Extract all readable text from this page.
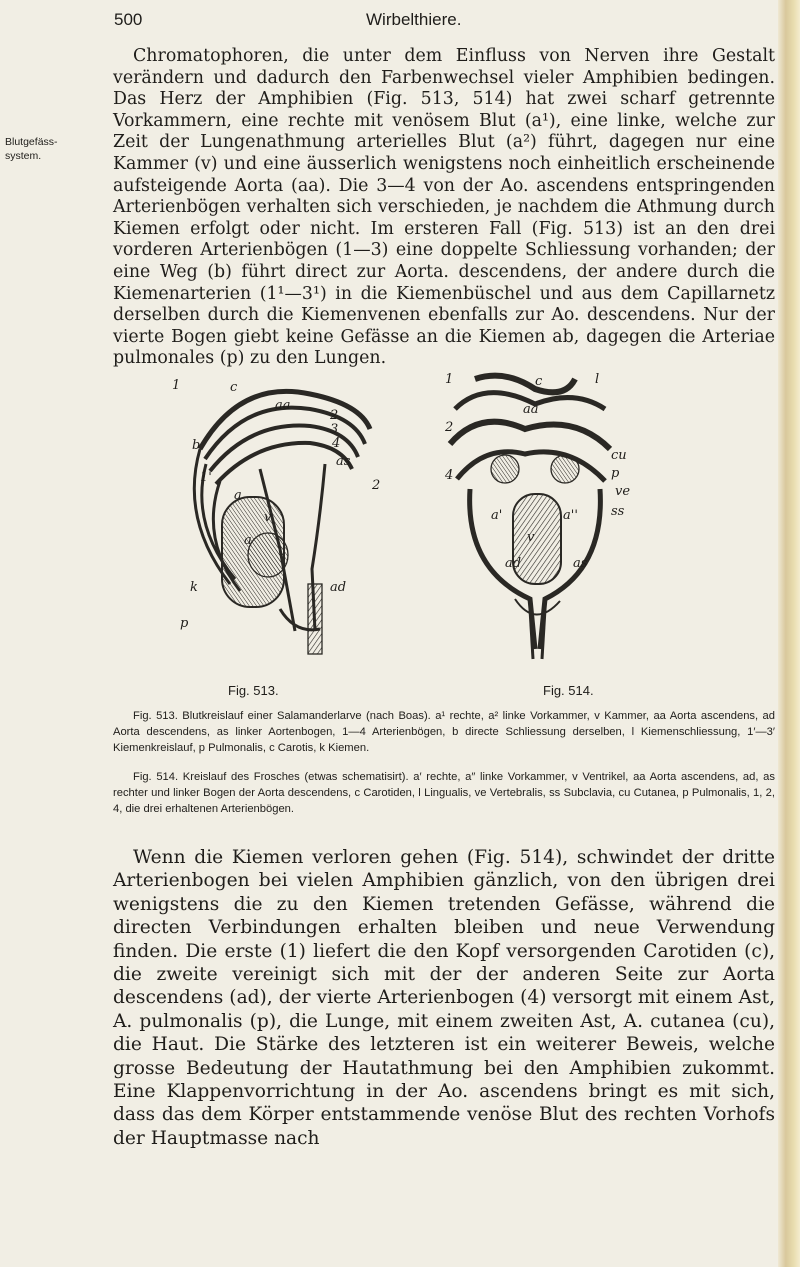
500	Wirbelthiere.
Blutgefäss-system.

Chromatophoren, die unter dem Einfluss von Nerven ihre Gestalt verändern und dadurch den Farbenwechsel vieler Amphibien bedingen. Das Herz der Amphibien (Fig. 513, 514) hat zwei scharf getrennte Vorkammern, eine rechte mit venösem Blut (a¹), eine linke, welche zur Zeit der Lungenathmung arterielles Blut (a²) führt, dagegen nur eine Kammer (v) und eine äusserlich wenigstens noch einheitlich erscheinende aufsteigende Aorta (aa). Die 3—4 von der Ao. ascendens entspringenden Arterienbögen verhalten sich verschieden, je nachdem die Athmung durch Kiemen erfolgt oder nicht. Im ersteren Fall (Fig. 513) ist an den drei vorderen Arterienbögen (1—3) eine doppelte Schliessung vorhanden; der eine Weg (b) führt direct zur Aorta. descendens, der andere durch die Kiemenarterien (1¹—3¹) in die Kiemenbüschel und aus dem Capillarnetz derselben durch die Kiemenvenen ebenfalls zur Ao. descendens. Nur der vierte Bogen giebt keine Gefässe an die Kiemen ab, dagegen die Arteriae pulmonales (p) zu den Lungen.

1	c
aa
2
3
4
b
as
1'
a
v
a
2
ad
k
p
1	c	l
2
aa
cu
4	p
ve
ss
a'
v
a''
ad	as
Fig. 513.	Fig. 514.

Fig. 513. Blutkreislauf einer Salamanderlarve (nach Boas). a¹ rechte, a² linke Vorkammer, v Kammer, aa Aorta ascendens, ad Aorta descendens, as linker Aortenbogen, 1—4 Arterienbögen, b directe Schliessung derselben, l Kiemenschliessung, 1′—3′ Kiemenkreislauf, p Pulmonalis, c Carotis, k Kiemen.

Fig. 514. Kreislauf des Frosches (etwas schematisirt). a′ rechte, a″ linke Vorkammer, v Ventrikel, aa Aorta ascendens, ad, as rechter und linker Bogen der Aorta descendens, c Carotiden, l Lingualis, ve Vertebralis, ss Subclavia, cu Cutanea, p Pulmonalis, 1, 2, 4, die drei erhaltenen Arterienbögen.

Wenn die Kiemen verloren gehen (Fig. 514), schwindet der dritte Arterienbogen bei vielen Amphibien gänzlich, von den übrigen drei wenigstens die zu den Kiemen tretenden Gefässe, während die directen Verbindungen erhalten bleiben und neue Verwendung finden. Die erste (1) liefert die den Kopf versorgenden Carotiden (c), die zweite vereinigt sich mit der der anderen Seite zur Aorta descendens (ad), der vierte Arterienbogen (4) versorgt mit einem Ast, A. pulmonalis (p), die Lunge, mit einem zweiten Ast, A. cutanea (cu), die Haut. Die Stärke des letzteren ist ein weiterer Beweis, welche grosse Bedeutung der Hautathmung bei den Amphibien zukommt. Eine Klappenvorrichtung in der Ao. ascendens bringt es mit sich, dass das dem Körper entstammende venöse Blut des rechten Vorhofs der Hauptmasse nach
